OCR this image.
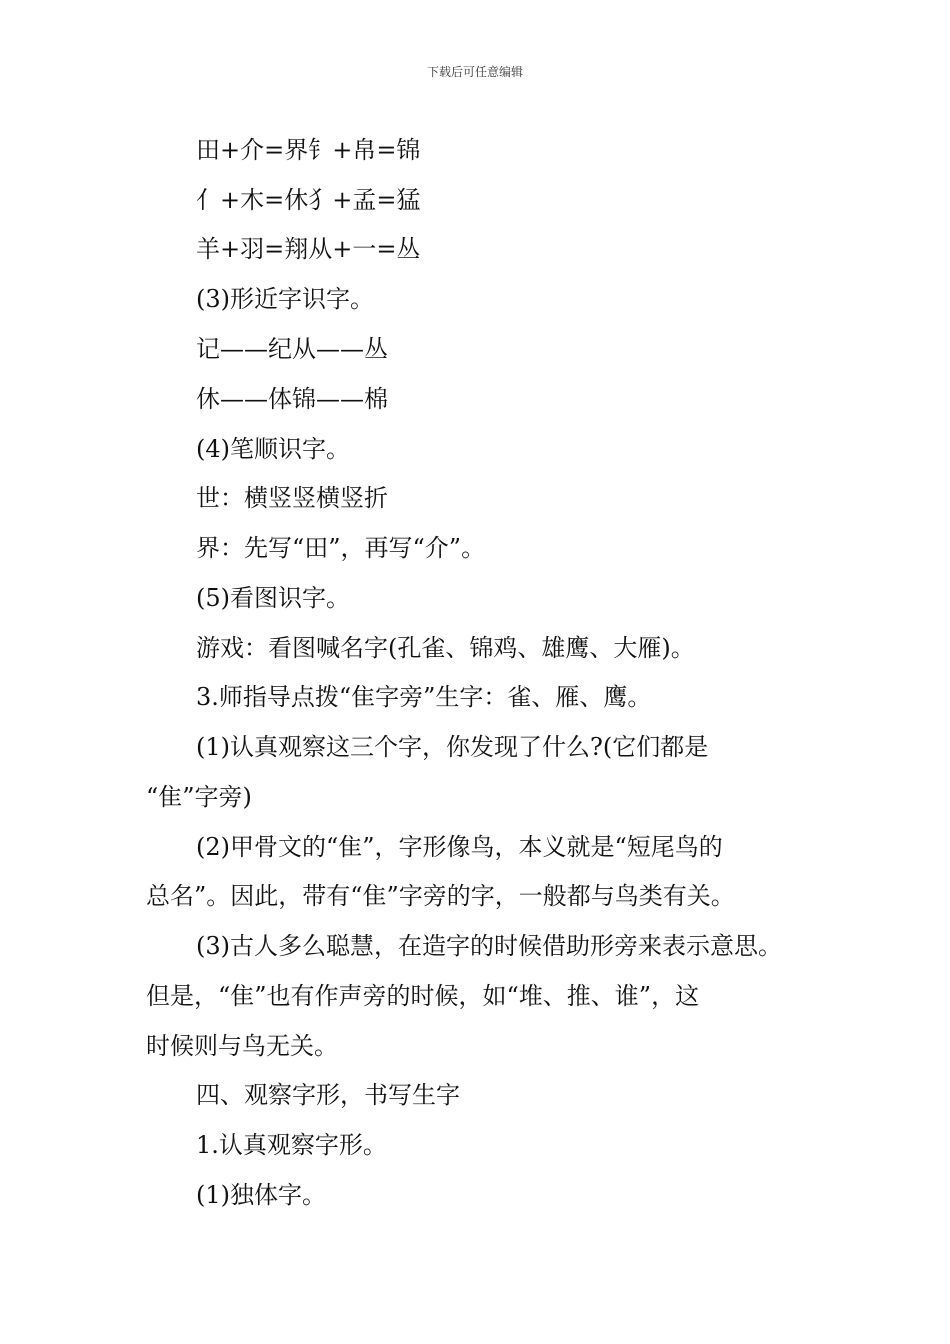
下载后可任意编辑
田+介=界钅+帛=锦
亻+木=休犭+孟=猛
羊+羽=翔从+一=丛
(3)形近字识字。
记——纪从——丛
休——体锦——棉
(4)笔顺识字。
世：横竖竖横竖折
界：先写“田”，再写“介”。
(5)看图识字。
游戏：看图喊名字(孔雀、锦鸡、雄鹰、大雁)。
3.师指导点拨“隹字旁”生字：雀、雁、鹰。
(1)认真观察这三个字，你发现了什么?(它们都是
“隹”字旁)
(2)甲骨文的“隹”，字形像鸟，本义就是“短尾鸟的
总名”。因此，带有“隹”字旁的字，一般都与鸟类有关。
(3)古人多么聪慧，在造字的时候借助形旁来表示意思。
但是，“隹”也有作声旁的时候，如“堆、推、谁”，这
时候则与鸟无关。
四、观察字形，书写生字
1.认真观察字形。
(1)独体字。
